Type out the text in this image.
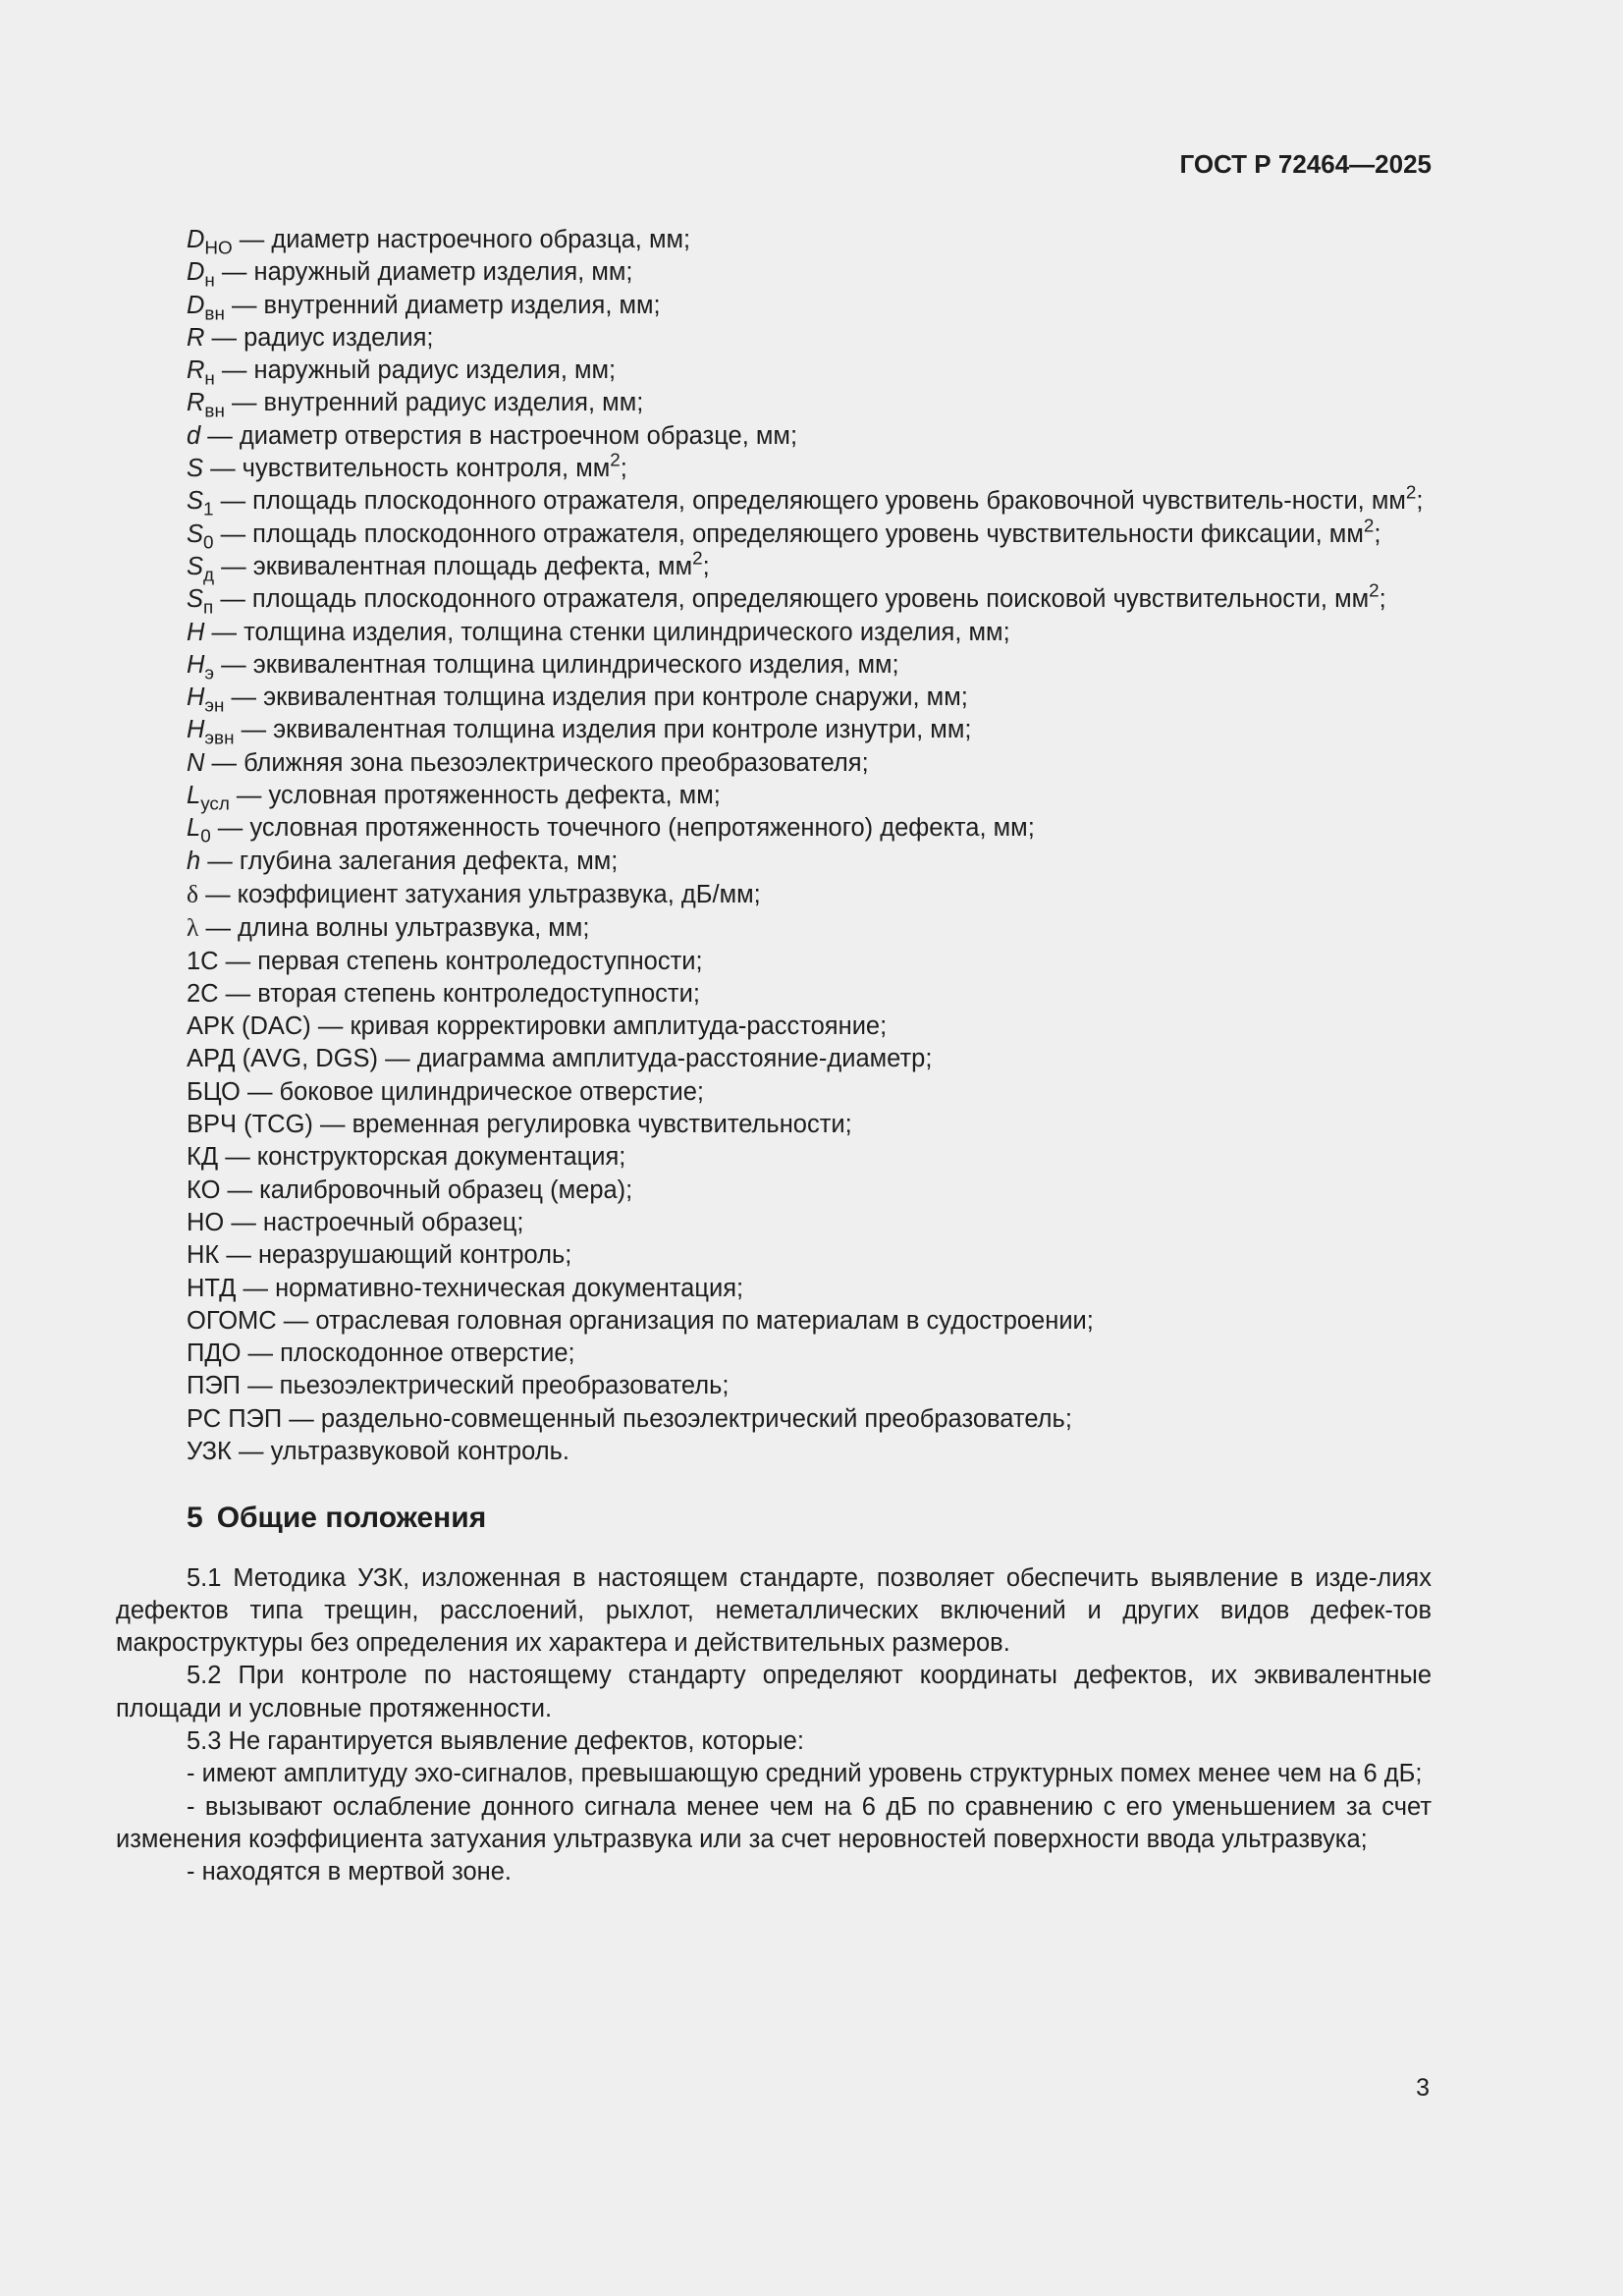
ГОСТ Р 72464—2025
$D_{НО}$ — диаметр настроечного образца, мм;
$D_н$ — наружный диаметр изделия, мм;
$D_{вн}$ — внутренний диаметр изделия, мм;
R — радиус изделия;
$R_н$ — наружный радиус изделия, мм;
$R_{вн}$ — внутренний радиус изделия, мм;
d — диаметр отверстия в настроечном образце, мм;
S — чувствительность контроля, $мм^2$;
$S_1$ — площадь плоскодонного отражателя, определяющего уровень браковочной чувствитель-ности, $мм^2$;
$S_0$ — площадь плоскодонного отражателя, определяющего уровень чувствительности фиксации, $мм^2$;
$S_д$ — эквивалентная площадь дефекта, $мм^2$;
$S_п$ — площадь плоскодонного отражателя, определяющего уровень поисковой чувствительности, $мм^2$;
H — толщина изделия, толщина стенки цилиндрического изделия, мм;
$H_э$ — эквивалентная толщина цилиндрического изделия, мм;
$H_{эн}$ — эквивалентная толщина изделия при контроле снаружи, мм;
$H_{эвн}$ — эквивалентная толщина изделия при контроле изнутри, мм;
N — ближняя зона пьезоэлектрического преобразователя;
$L_{усл}$ — условная протяженность дефекта, мм;
$L_0$ — условная протяженность точечного (непротяженного) дефекта, мм;
h — глубина залегания дефекта, мм;
δ — коэффициент затухания ультразвука, дБ/мм;
λ — длина волны ультразвука, мм;
1С — первая степень контроледоступности;
2С — вторая степень контроледоступности;
АРК (DAC) — кривая корректировки амплитуда-расстояние;
АРД (AVG, DGS) — диаграмма амплитуда-расстояние-диаметр;
БЦО — боковое цилиндрическое отверстие;
ВРЧ (TCG) — временная регулировка чувствительности;
КД — конструкторская документация;
КО — калибровочный образец (мера);
НО — настроечный образец;
НК — неразрушающий контроль;
НТД — нормативно-техническая документация;
ОГОМС — отраслевая головная организация по материалам в судостроении;
ПДО — плоскодонное отверстие;
ПЭП — пьезоэлектрический преобразователь;
РС ПЭП — раздельно-совмещенный пьезоэлектрический преобразователь;
УЗК — ультразвуковой контроль.
5 Общие положения
5.1 Методика УЗК, изложенная в настоящем стандарте, позволяет обеспечить выявление в изде-лиях дефектов типа трещин, расслоений, рыхлот, неметаллических включений и других видов дефек-тов макроструктуры без определения их характера и действительных размеров.
5.2 При контроле по настоящему стандарту определяют координаты дефектов, их эквивалентные площади и условные протяженности.
5.3 Не гарантируется выявление дефектов, которые:
- имеют амплитуду эхо-сигналов, превышающую средний уровень структурных помех менее чем на 6 дБ;
- вызывают ослабление донного сигнала менее чем на 6 дБ по сравнению с его уменьшением за счет изменения коэффициента затухания ультразвука или за счет неровностей поверхности ввода ультразвука;
- находятся в мертвой зоне.
3
